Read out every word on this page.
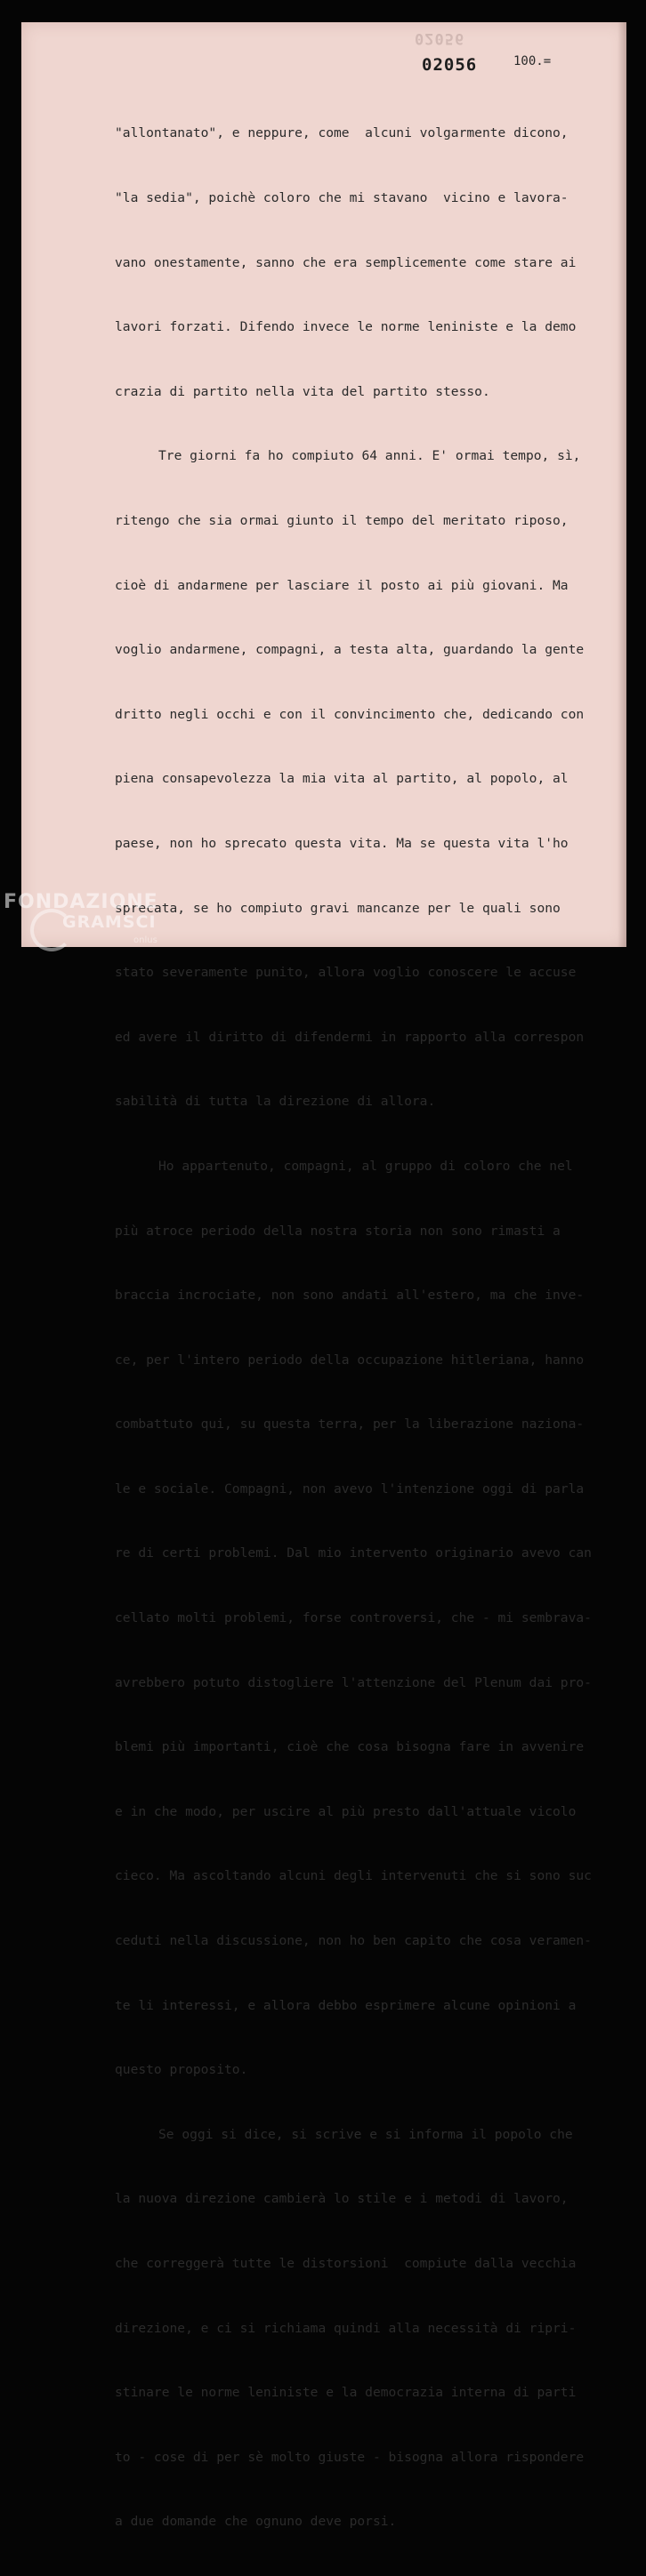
02056
02056	100.=

"allontanato", e neppure, come  alcuni volgarmente dicono,

"la sedia", poichè coloro che mi stavano  vicino e lavora-

vano onestamente, sanno che era semplicemente come stare ai

lavori forzati. Difendo invece le norme leniniste e la demo

crazia di partito nella vita del partito stesso.

Tre giorni fa ho compiuto 64 anni. E' ormai tempo, sì,

ritengo che sia ormai giunto il tempo del meritato riposo,

cioè di andarmene per lasciare il posto ai più giovani. Ma

voglio andarmene, compagni, a testa alta, guardando la gente

dritto negli occhi e con il convincimento che, dedicando con

piena consapevolezza la mia vita al partito, al popolo, al

paese, non ho sprecato questa vita. Ma se questa vita l'ho

sprecata, se ho compiuto gravi mancanze per le quali sono

stato severamente punito, allora voglio conoscere le accuse

ed avere il diritto di difendermi in rapporto alla correspon

sabilità di tutta la direzione di allora.

Ho appartenuto, compagni, al gruppo di coloro che nel

più atroce periodo della nostra storia non sono rimasti a

braccia incrociate, non sono andati all'estero, ma che inve-

ce, per l'intero periodo della occupazione hitleriana, hanno

combattuto qui, su questa terra, per la liberazione naziona-

le e sociale. Compagni, non avevo l'intenzione oggi di parla

re di certi problemi. Dal mio intervento originario avevo can

cellato molti problemi, forse controversi, che - mi sembrava-

avrebbero potuto distogliere l'attenzione del Plenum dai pro-

blemi più importanti, cioè che cosa bisogna fare in avvenire

e in che modo, per uscire al più presto dall'attuale vicolo

cieco. Ma ascoltando alcuni degli intervenuti che si sono suc

ceduti nella discussione, non ho ben capito che cosa veramen-

te li interessi, e allora debbo esprimere alcune opinioni a

questo proposito.

Se oggi si dice, si scrive e si informa il popolo che

la nuova direzione cambierà lo stile e i metodi di lavoro,

che correggerà tutte le distorsioni  compiute dalla vecchia

direzione, e ci si richiama quindi alla necessità di ripri-

stinare le norme leniniste e la democrazia interna di parti

to - cose di per sè molto giuste - bisogna allora rispondere

a due domande che ognuno deve porsi.

FONDAZIONE
GRAMSCI
onlus
